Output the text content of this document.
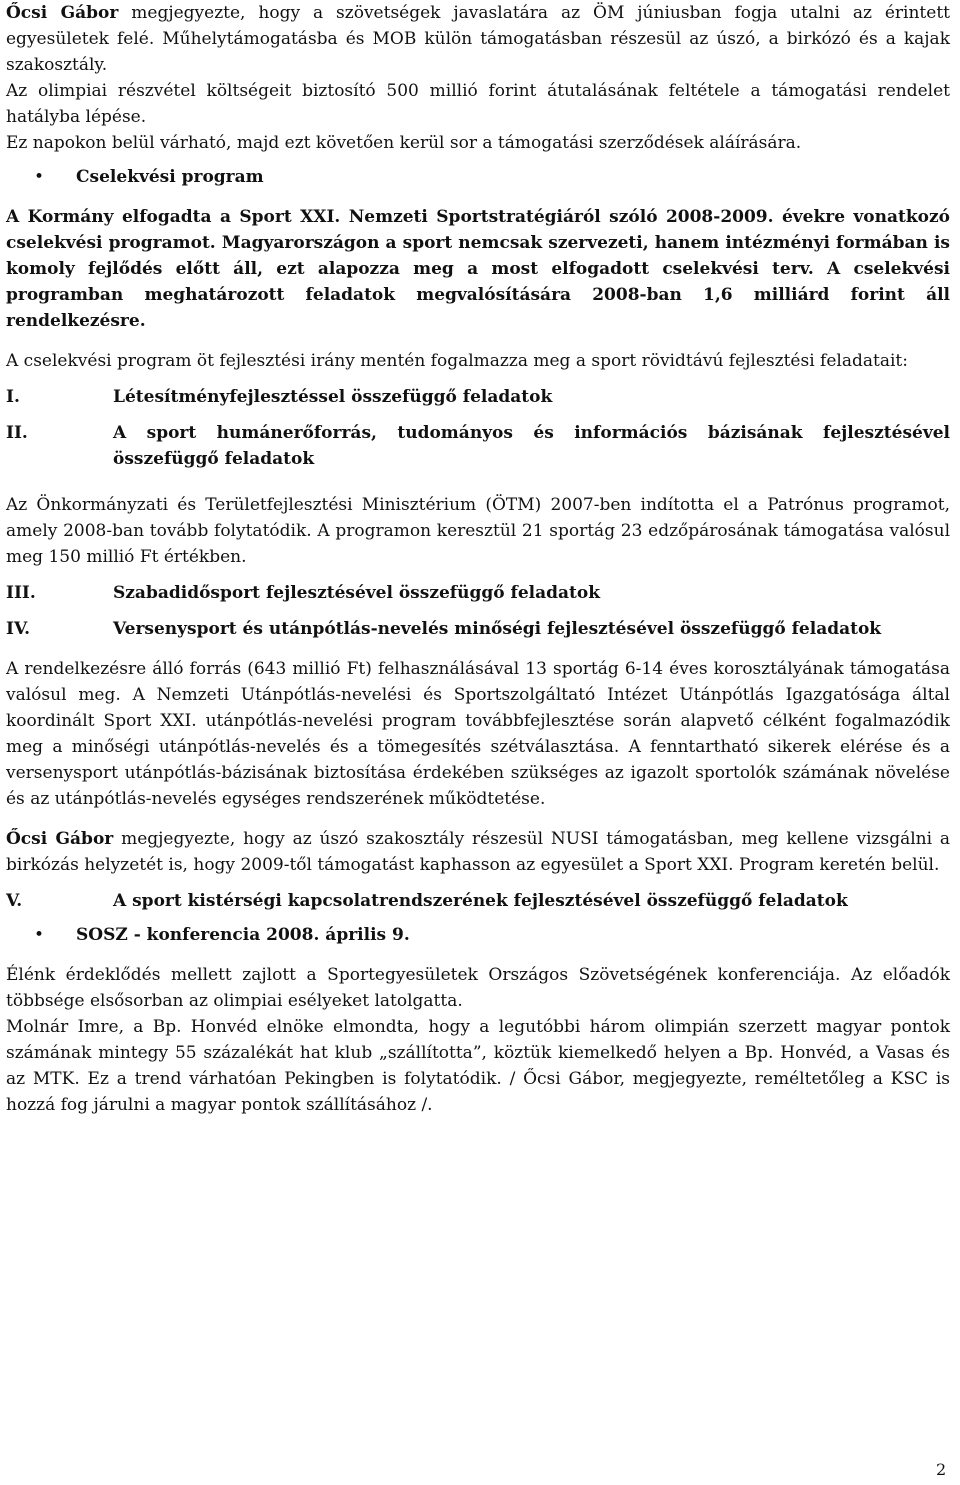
Őcsi Gábor megjegyezte, hogy a szövetségek javaslatára az ÖM júniusban fogja utalni az érintett egyesületek felé. Műhelytámogatásba és MOB külön támogatásban részesül az úszó, a birkózó és a kajak szakosztály.

Az olimpiai részvétel költségeit biztosító 500 millió forint átutalásának feltétele a támogatási rendelet hatályba lépése.

Ez napokon belül várható, majd ezt követően kerül sor a támogatási szerződések aláírására.

•	Cselekvési program

A Kormány elfogadta a Sport XXI. Nemzeti Sportstratégiáról szóló 2008-2009. évekre vonatkozó cselekvési programot. Magyarországon a sport nemcsak szervezeti, hanem intézményi formában is komoly fejlődés előtt áll, ezt alapozza meg a most elfogadott cselekvési terv. A cselekvési programban meghatározott feladatok megvalósítására 2008-ban 1,6 milliárd forint áll rendelkezésre.

A cselekvési program öt fejlesztési irány mentén fogalmazza meg a sport rövidtávú fejlesztési feladatait:

I.	Létesítményfejlesztéssel összefüggő feladatok
II.	A sport humánerőforrás, tudományos és információs bázisának fejlesztésével összefüggő feladatok

Az Önkormányzati és Területfejlesztési Minisztérium (ÖTM) 2007-ben indította el a Patrónus programot, amely 2008-ban tovább folytatódik. A programon keresztül 21 sportág 23 edzőpárosának támogatása valósul meg 150 millió Ft értékben.

III.	Szabadidősport fejlesztésével összefüggő feladatok
IV.	Versenysport és utánpótlás-nevelés minőségi fejlesztésével összefüggő feladatok

A rendelkezésre álló forrás (643 millió Ft) felhasználásával 13 sportág 6-14 éves korosztályának támogatása valósul meg. A Nemzeti Utánpótlás-nevelési és Sportszolgáltató Intézet Utánpótlás Igazgatósága által koordinált Sport XXI. utánpótlás-nevelési program továbbfejlesztése során alapvető célként fogalmazódik meg a minőségi utánpótlás-nevelés és a tömegesítés szétválasztása. A fenntartható sikerek elérése és a versenysport utánpótlás-bázisának biztosítása érdekében szükséges az igazolt sportolók számának növelése és az utánpótlás-nevelés egységes rendszerének működtetése.

Őcsi Gábor megjegyezte, hogy az úszó szakosztály részesül NUSI támogatásban, meg kellene vizsgálni a birkózás helyzetét is, hogy 2009-től támogatást kaphasson az egyesület a Sport XXI. Program keretén belül.

V.	A sport kistérségi kapcsolatrendszerének fejlesztésével összefüggő feladatok
•	SOSZ - konferencia 2008. április 9.

Élénk érdeklődés mellett zajlott a Sportegyesületek Országos Szövetségének konferenciája. Az előadók többsége elsősorban az olimpiai esélyeket latolgatta.

Molnár Imre, a Bp. Honvéd elnöke elmondta, hogy a legutóbbi három olimpián szerzett magyar pontok számának mintegy 55 százalékát hat klub „szállította”, köztük kiemelkedő helyen a Bp. Honvéd, a Vasas és az MTK. Ez a trend várhatóan Pekingben is folytatódik. / Őcsi Gábor, megjegyezte, reméltetőleg a KSC is hozzá fog járulni a magyar pontok szállításához /.

2
